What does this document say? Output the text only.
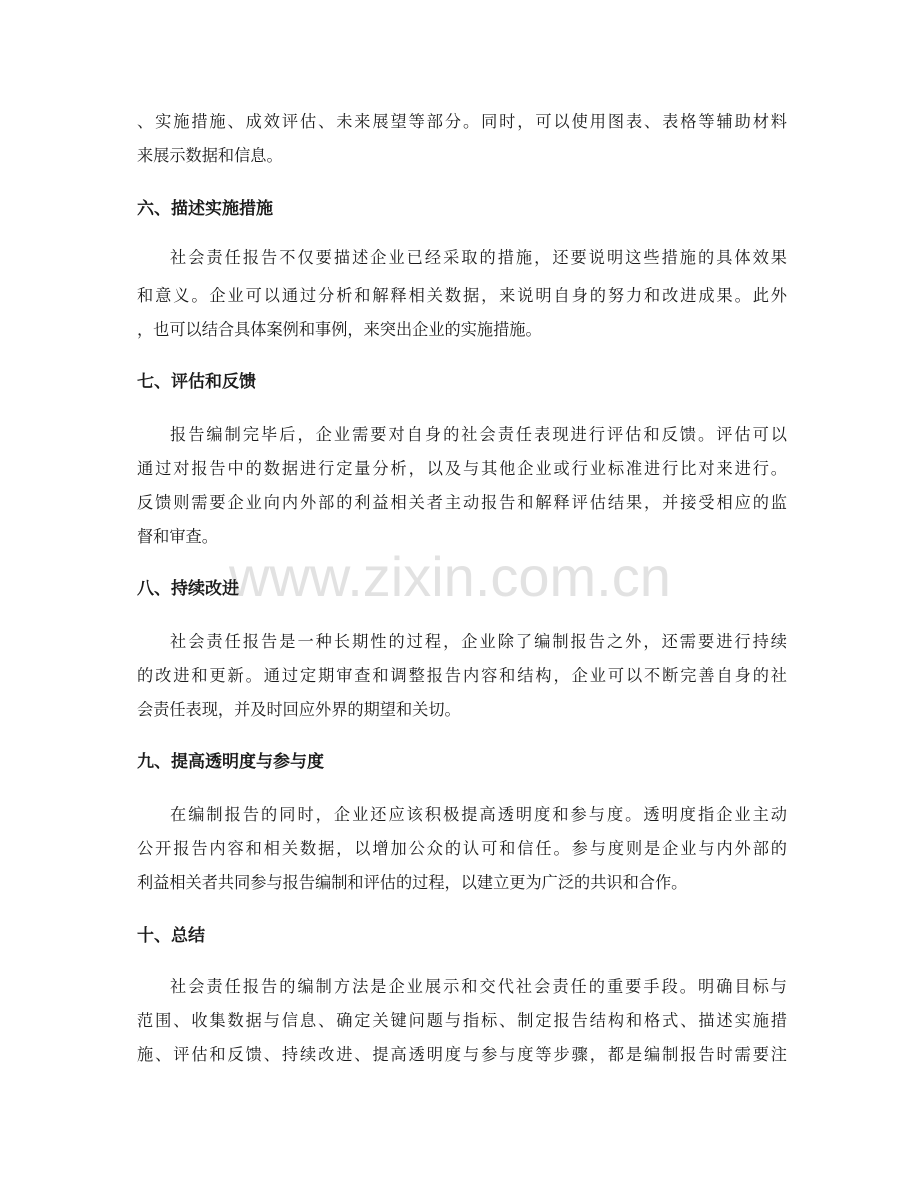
、实施措施、成效评估、未来展望等部分。同时，可以使用图表、表格等辅助材料
来展示数据和信息。
六、描述实施措施
社会责任报告不仅要描述企业已经采取的措施，还要说明这些措施的具体效果
和意义。企业可以通过分析和解释相关数据，来说明自身的努力和改进成果。此外
，也可以结合具体案例和事例，来突出企业的实施措施。
七、评估和反馈
报告编制完毕后，企业需要对自身的社会责任表现进行评估和反馈。评估可以
通过对报告中的数据进行定量分析，以及与其他企业或行业标准进行比对来进行。
反馈则需要企业向内外部的利益相关者主动报告和解释评估结果，并接受相应的监
督和审查。
www.zixin.com.cn
八、持续改进
社会责任报告是一种长期性的过程，企业除了编制报告之外，还需要进行持续
的改进和更新。通过定期审查和调整报告内容和结构，企业可以不断完善自身的社
会责任表现，并及时回应外界的期望和关切。
九、提高透明度与参与度
在编制报告的同时，企业还应该积极提高透明度和参与度。透明度指企业主动
公开报告内容和相关数据，以增加公众的认可和信任。参与度则是企业与内外部的
利益相关者共同参与报告编制和评估的过程，以建立更为广泛的共识和合作。
十、总结
社会责任报告的编制方法是企业展示和交代社会责任的重要手段。明确目标与
范围、收集数据与信息、确定关键问题与指标、制定报告结构和格式、描述实施措
施、评估和反馈、持续改进、提高透明度与参与度等步骤，都是编制报告时需要注
